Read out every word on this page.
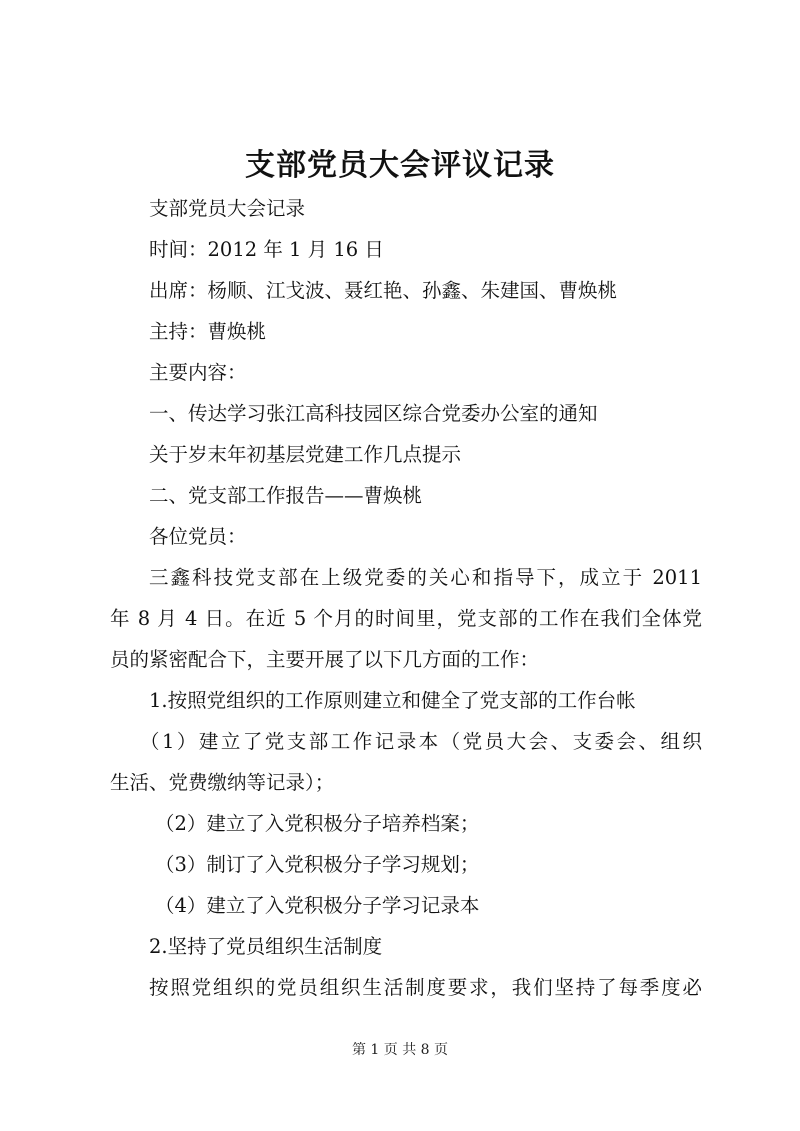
支部党员大会评议记录
支部党员大会记录
时间：2012 年 1 月 16 日
出席：杨顺、江戈波、聂红艳、孙鑫、朱建国、曹焕桃
主持：曹焕桃
主要内容：
一、传达学习张江高科技园区综合党委办公室的通知
关于岁末年初基层党建工作几点提示
二、党支部工作报告——曹焕桃
各位党员：
三鑫科技党支部在上级党委的关心和指导下，成立于 2011
年 8 月 4 日。在近 5 个月的时间里，党支部的工作在我们全体党
员的紧密配合下，主要开展了以下几方面的工作：
1.按照党组织的工作原则建立和健全了党支部的工作台帐
（1）建立了党支部工作记录本（党员大会、支委会、组织
生活、党费缴纳等记录）；
（2）建立了入党积极分子培养档案；
（3）制订了入党积极分子学习规划；
（4）建立了入党积极分子学习记录本
2.坚持了党员组织生活制度
按照党组织的党员组织生活制度要求，我们坚持了每季度必
第 1 页 共 8 页
